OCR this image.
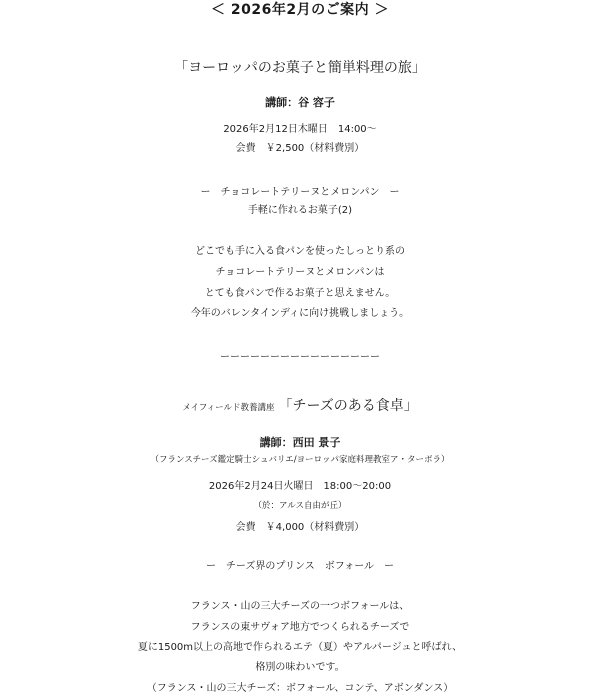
＜ 2026年2月のご案内 ＞
「ヨーロッパのお菓子と簡単料理の旅」
講師：谷 容子
2026年2月12日木曜日　14:00〜
会費　￥2,500（材料費別）
ー　チョコレートテリーヌとメロンパン　ー
手軽に作れるお菓子(2)
どこでも手に入る食パンを使ったしっとり系の
チョコレートテリーヌとメロンパンは
とても食パンで作るお菓子と思えません。
今年のバレンタインディに向け挑戦しましょう。
ーーーーーーーーーーーーーーーー
メイフィールド教養講座 「チーズのある食卓」
講師：西田 景子
（フランスチーズ鑑定騎士シュバリエ/ヨーロッパ家庭料理教室ア・ターボラ）
2026年2月24日火曜日　18:00〜20:00
（於：アルス自由が丘）
会費　￥4,000（材料費別）
ー　チーズ界のプリンス　ボフォール　ー
フランス・山の三大チーズの一つボフォールは、
フランスの東サヴォア地方でつくられるチーズで
夏に1500m以上の高地で作られるエテ（夏）やアルパージュと呼ばれ、
格別の味わいです。
（フランス・山の三大チーズ：ボフォール、コンテ、アボンダンス）
